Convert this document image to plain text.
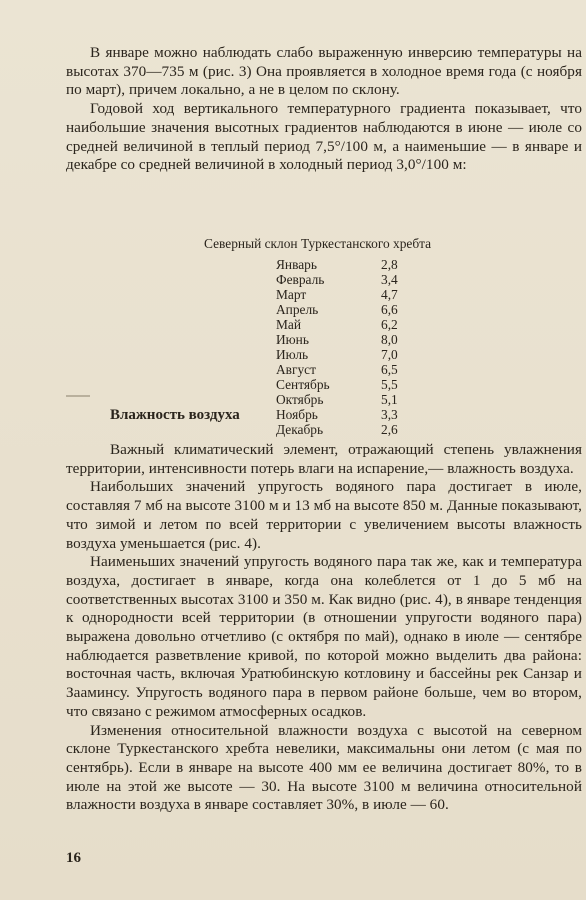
В январе можно наблюдать слабо выраженную инверсию температуры на высотах 370—735 м (рис. 3) Она проявляется в холодное время года (с ноября по март), причем локально, а не в целом по склону.

Годовой ход вертикального температурного градиента показывает, что наибольшие значения высотных градиентов наблюдаются в июне — июле со средней величиной в теплый период 7,5°/100 м, а наименьшие — в январе и декабре со средней величиной в холодный период 3,0°/100 м:

Северный склон Туркестанского хребта
Январь	2,8
Февраль	3,4
Март	4,7
Апрель	6,6
Май	6,2
Июнь	8,0
Июль	7,0
Август	6,5
Сентябрь	5,5
Октябрь	5,1
Ноябрь	3,3
Декабрь	2,6
Влажность воздуха

Важный климатический элемент, отражающий степень увлажнения территории, интенсивности потерь влаги на испарение,— влажность воздуха.

Наибольших значений упругость водяного пара достигает в июле, составляя 7 мб на высоте 3100 м и 13 мб на высоте 850 м. Данные показывают, что зимой и летом по всей территории с увеличением высоты влажность воздуха уменьшается (рис. 4).

Наименьших значений упругость водяного пара так же, как и температура воздуха, достигает в январе, когда она колеблется от 1 до 5 мб на соответственных высотах 3100 и 350 м. Как видно (рис. 4), в январе тенденция к однородности всей территории (в отношении упругости водяного пара) выражена довольно отчетливо (с октября по май), однако в июле — сентябре наблюдается разветвление кривой, по которой можно выделить два района: восточная часть, включая Уратюбинскую котловину и бассейны рек Санзар и Зааминсу. Упругость водяного пара в первом районе больше, чем во втором, что связано с режимом атмосферных осадков.

Изменения относительной влажности воздуха с высотой на северном склоне Туркестанского хребта невелики, максимальны они летом (с мая по сентябрь). Если в январе на высоте 400 мм ее величина достигает 80%, то в июле на этой же высоте — 30. На высоте 3100 м величина относительной влажности воздуха в январе составляет 30%, в июле — 60.

16
